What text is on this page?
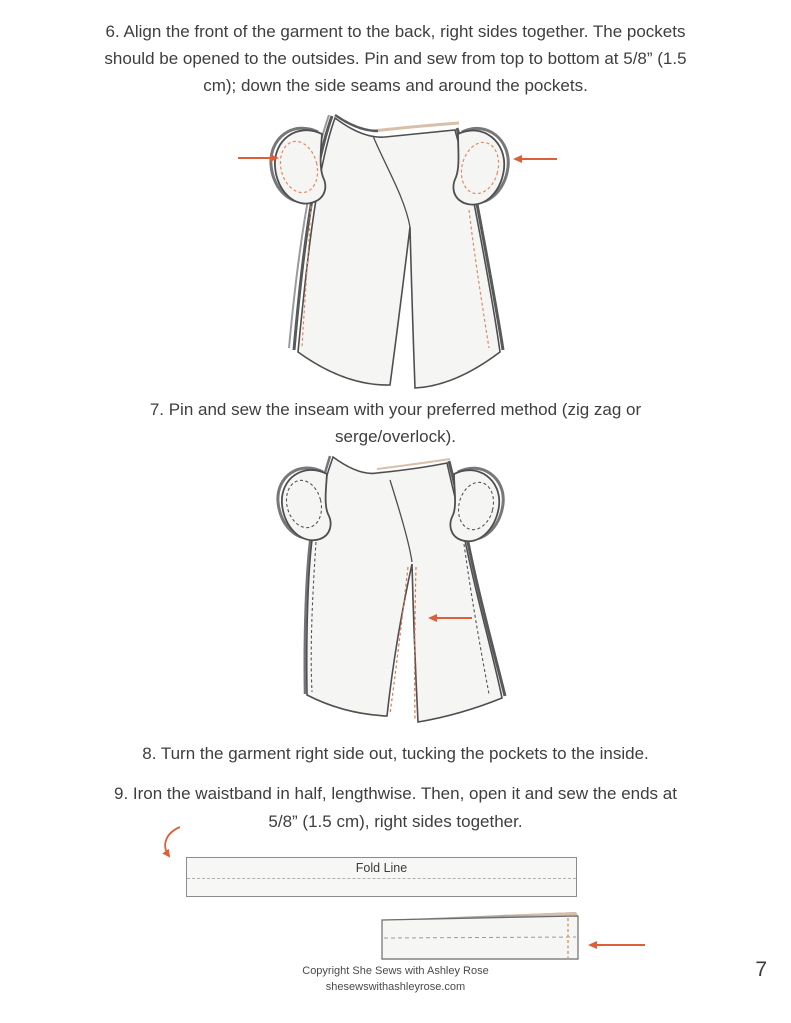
6. Align the front of the garment to the back, right sides together. The pockets
should be opened to the outsides. Pin and sew from top to bottom at 5/8” (1.5
cm); down the side seams and around the pockets.
7. Pin and sew the inseam with your preferred method (zig zag or
serge/overlock).
8. Turn the garment right side out, tucking the pockets to the inside.
9. Iron the waistband in half, lengthwise. Then, open it and sew the ends at
5/8” (1.5 cm), right sides together.
Fold Line
Copyright She Sews with Ashley Rose
shesewswithashleyrose.com
7
